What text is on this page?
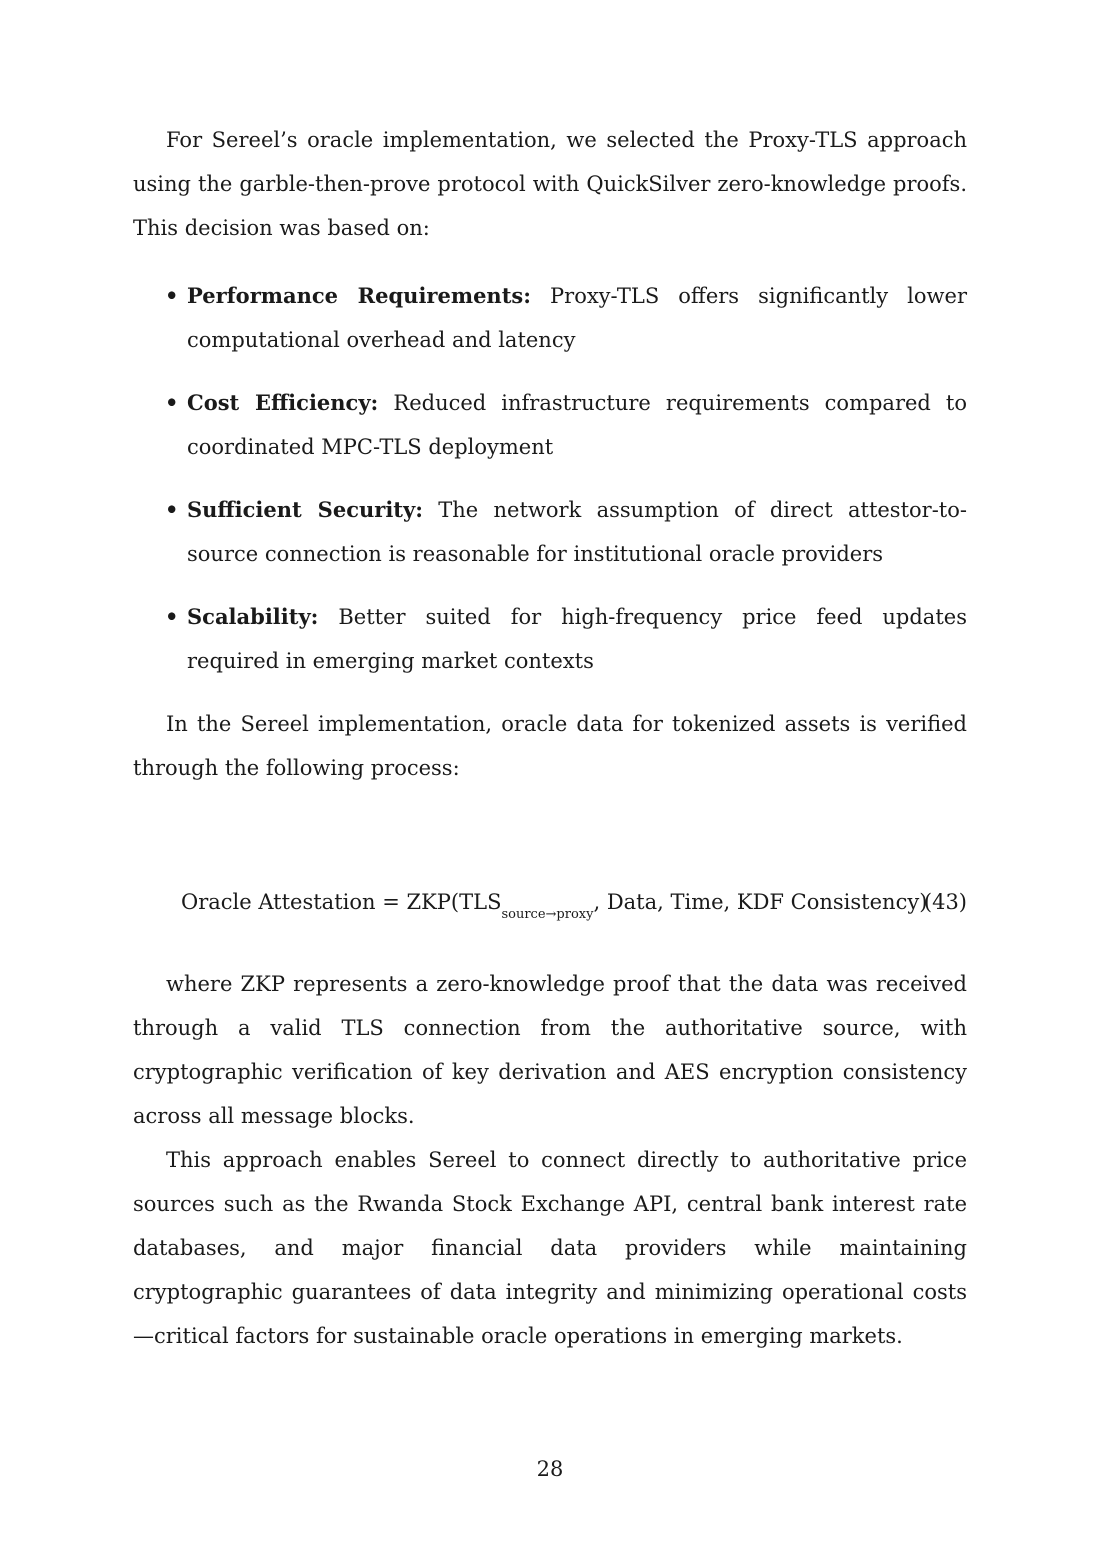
For Sereel’s oracle implementation, we selected the Proxy-TLS approach using the garble-then-prove protocol with QuickSilver zero-knowledge proofs. This decision was based on:

• Performance Requirements: Proxy-TLS offers significantly lower computational overhead and latency
• Cost Efficiency: Reduced infrastructure requirements compared to coordinated MPC-TLS deployment
• Sufficient Security: The network assumption of direct attestor-to-source connection is reasonable for institutional oracle providers
• Scalability: Better suited for high-frequency price feed updates required in emerging market contexts

In the Sereel implementation, oracle data for tokenized assets is verified through the following process:

Oracle Attestation = $ZKP(TLS_{source\to proxy}$, Data, Time, KDF Consistency)
(43)

where ZKP represents a zero-knowledge proof that the data was received through a valid TLS connection from the authoritative source, with cryptographic verification of key derivation and AES encryption consistency across all message blocks.

This approach enables Sereel to connect directly to authoritative price sources such as the Rwanda Stock Exchange API, central bank interest rate databases, and major financial data providers while maintaining cryptographic guarantees of data integrity and minimizing operational costs—critical factors for sustainable oracle operations in emerging markets.

28
